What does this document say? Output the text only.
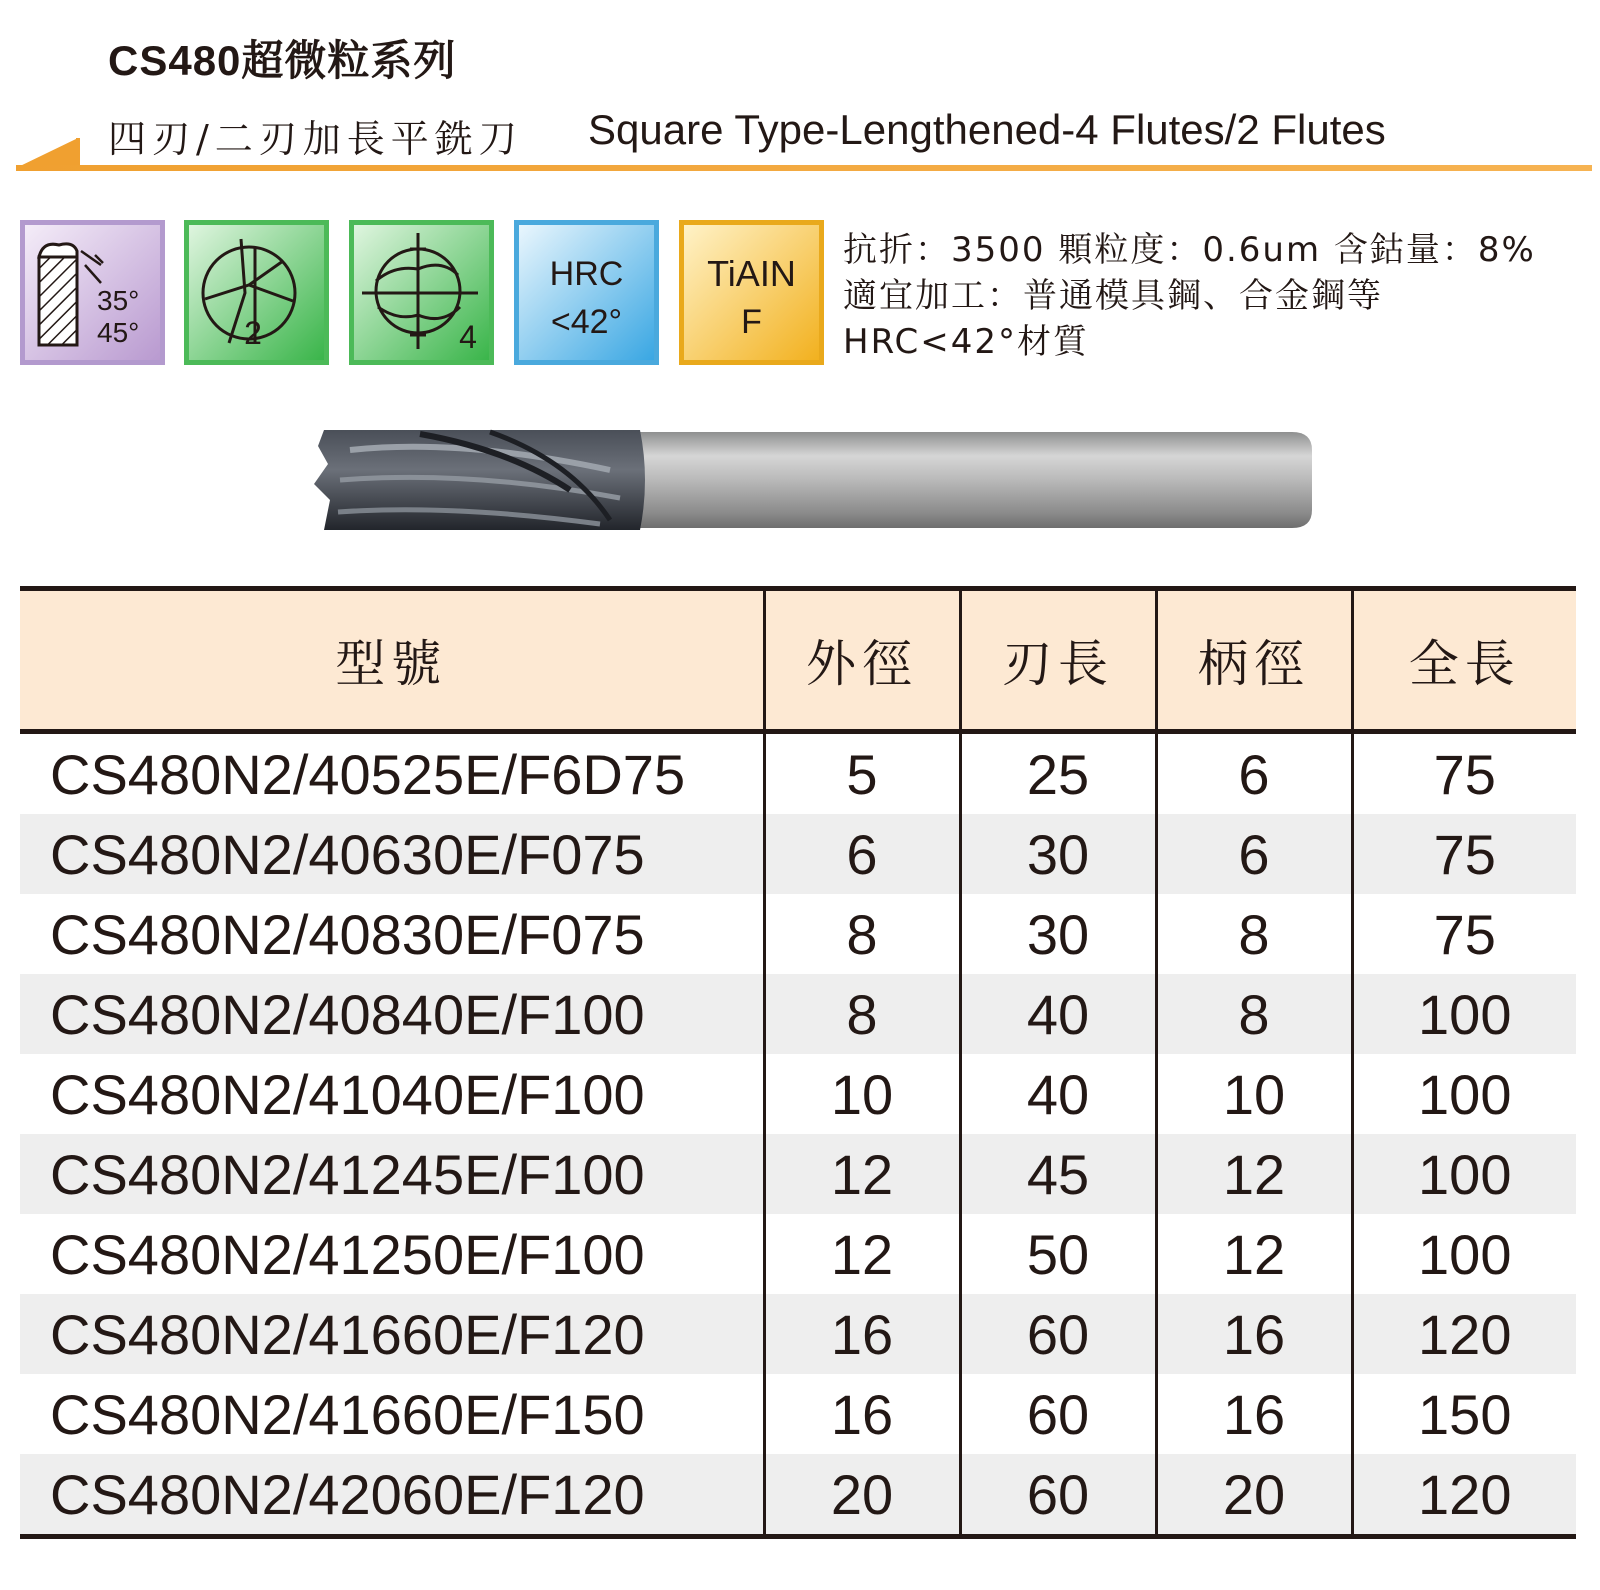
CS480超微粒系列
四刃/二刃加長平銑刀 Square Type-Lengthened-4 Flutes/2 Flutes
35°
45°	2	4
HRC
<42°
TiAIN
F
抗折：3500 顆粒度：0.6um 含鈷量：8%
適宜加工：普通模具鋼、合金鋼等
HRC<42°材質
型號	外徑	刃長	柄徑	全長
CS480N2/40525E/F6D75	5	25	6	75
CS480N2/40630E/F075	6	30	6	75
CS480N2/40830E/F075	8	30	8	75
CS480N2/40840E/F100	8	40	8	100
CS480N2/41040E/F100	10	40	10	100
CS480N2/41245E/F100	12	45	12	100
CS480N2/41250E/F100	12	50	12	100
CS480N2/41660E/F120	16	60	16	120
CS480N2/41660E/F150	16	60	16	150
CS480N2/42060E/F120	20	60	20	120
